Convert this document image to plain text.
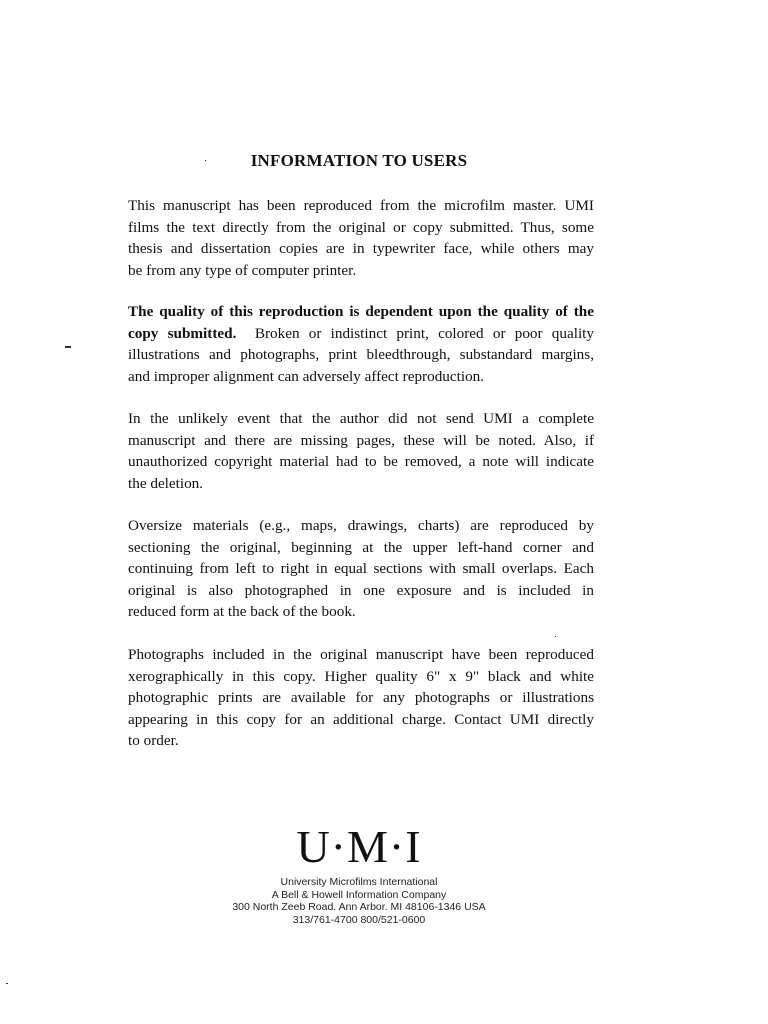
INFORMATION TO USERS
This manuscript has been reproduced from the microfilm master. UMI
films the text directly from the original or copy submitted. Thus, some
thesis and dissertation copies are in typewriter face, while others may
be from any type of computer printer.
The quality of this reproduction is dependent upon the quality of the
copy submitted. Broken or indistinct print, colored or poor quality
illustrations and photographs, print bleedthrough, substandard margins,
and improper alignment can adversely affect reproduction.
In the unlikely event that the author did not send UMI a complete
manuscript and there are missing pages, these will be noted. Also, if
unauthorized copyright material had to be removed, a note will indicate
the deletion.
Oversize materials (e.g., maps, drawings, charts) are reproduced by
sectioning the original, beginning at the upper left-hand corner and
continuing from left to right in equal sections with small overlaps. Each
original is also photographed in one exposure and is included in
reduced form at the back of the book.
Photographs included in the original manuscript have been reproduced
xerographically in this copy. Higher quality 6" x 9" black and white
photographic prints are available for any photographs or illustrations
appearing in this copy for an additional charge. Contact UMI directly
to order.
U·M·I
University Microfilms International
A Bell & Howell Information Company
300 North Zeeb Road. Ann Arbor. MI 48106-1346 USA
313/761-4700 800/521-0600
